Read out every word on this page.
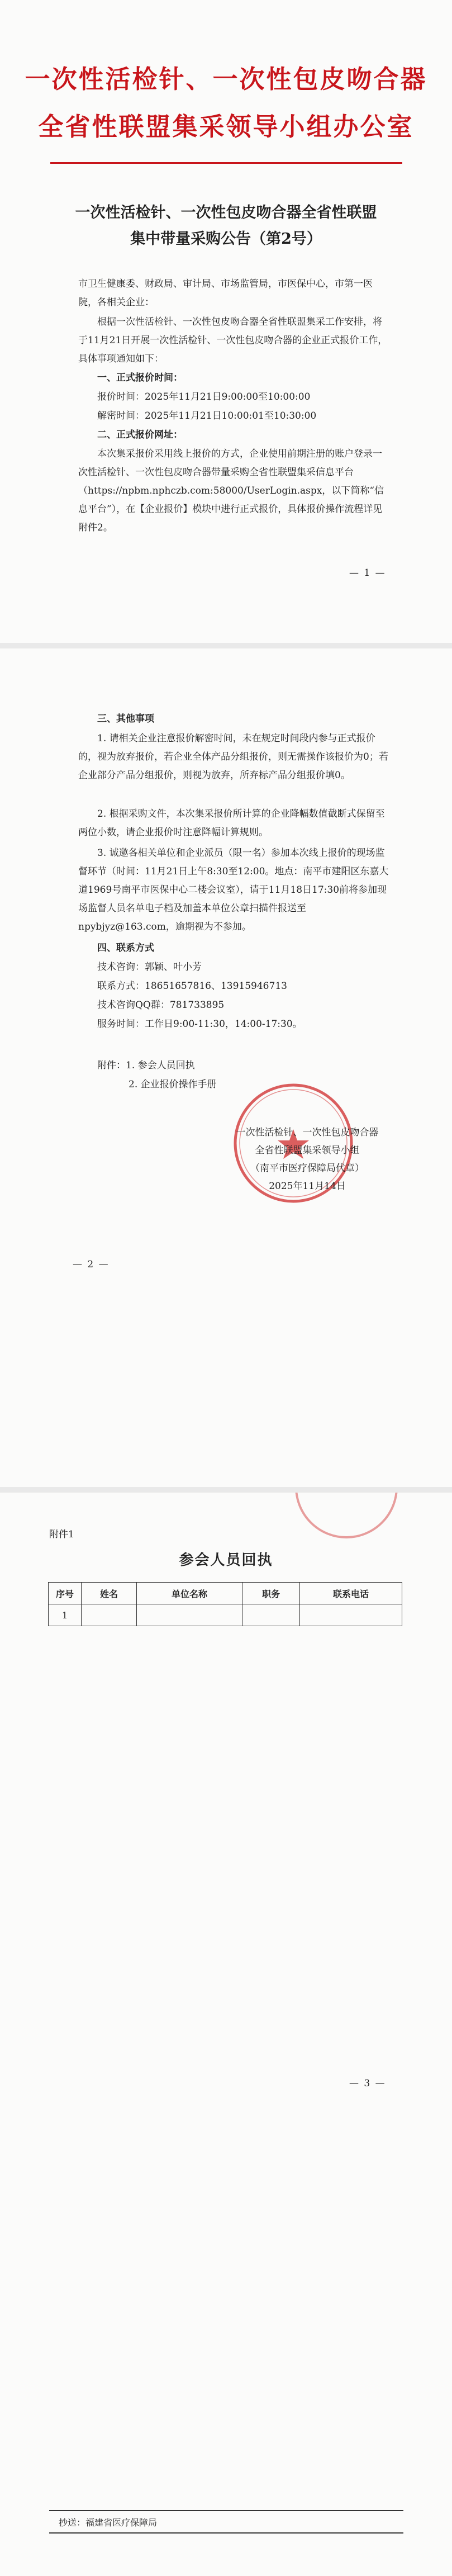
一次性活检针、一次性包皮吻合器
全省性联盟集采领导小组办公室
一次性活检针、一次性包皮吻合器全省性联盟
集中带量采购公告（第2号）

市卫生健康委、财政局、审计局、市场监管局，市医保中心，市第一医院，各相关企业：

根据一次性活检针、一次性包皮吻合器全省性联盟集采工作安排，将于11月21日开展一次性活检针、一次性包皮吻合器的企业正式报价工作，具体事项通知如下：

一、正式报价时间：

报价时间：2025年11月21日9:00:00至10:00:00

解密时间：2025年11月21日10:00:01至10:30:00

二、正式报价网址：

本次集采报价采用线上报价的方式，企业使用前期注册的账户登录一次性活检针、一次性包皮吻合器带量采购全省性联盟集采信息平台（https://npbm.nphczb.com:58000/UserLogin.aspx，以下简称“信息平台”），在【企业报价】模块中进行正式报价，具体报价操作流程详见附件2。

— 1 —

三、其他事项

1. 请相关企业注意报价解密时间，未在规定时间段内参与正式报价的，视为放弃报价，若企业全体产品分组报价，则无需操作该报价为0；若企业部分产品分组报价，则视为放弃，所弃标产品分组报价填0。

2. 根据采购文件，本次集采报价所计算的企业降幅数值截断式保留至两位小数，请企业报价时注意降幅计算规则。

3. 诚邀各相关单位和企业派员（限一名）参加本次线上报价的现场监督环节（时间：11月21日上午8:30至12:00。地点：南平市建阳区东嘉大道1969号南平市医保中心二楼会议室），请于11月18日17:30前将参加现场监督人员名单电子档及加盖本单位公章扫描件报送至npybjyz@163.com，逾期视为不参加。

四、联系方式

技术咨询：郭颖、叶小芳

联系方式：18651657816、13915946713

技术咨询QQ群：781733895

服务时间：工作日9:00-11:30，14:00-17:30。

附件：1. 参会人员回执

2. 企业报价操作手册

一次性活检针、一次性包皮吻合器
全省性联盟集采领导小组
（南平市医疗保障局代章）
2025年11月14日
— 2 —
附件1
参会人员回执
序号	姓名	单位名称	职务	联系电话
1				
— 3 —
抄送：福建省医疗保障局
